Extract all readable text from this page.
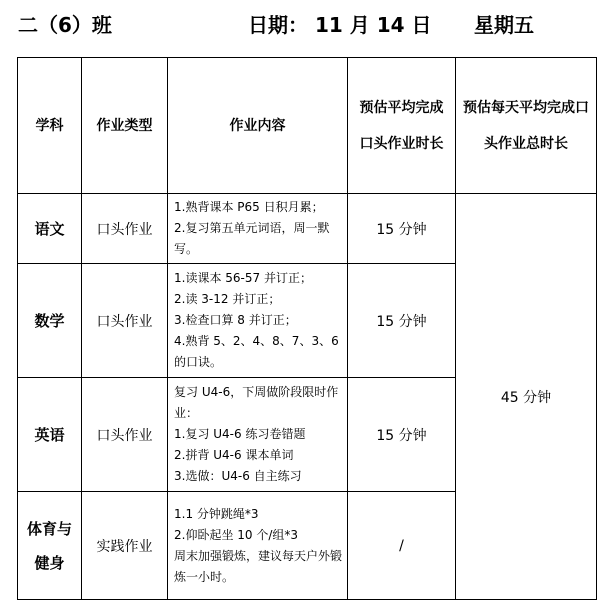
二（6）班	日期： 11 月 14 日 星期五
学科	作业类型	作业内容	预估平均完成口头作业时长	预估每天平均完成口头作业总时长
语文	口头作业	1.熟背课本 P65 日积月累；
2.复习第五单元词语，周一默写。	15 分钟	45 分钟
数学	口头作业	1.读课本 56-57 并订正；
2.读 3-12 并订正；
3.检查口算 8 并订正；
4.熟背 5、2、4、8、7、3、6 的口诀。	15 分钟	
英语	口头作业	复习 U4-6，下周做阶段限时作业：
1.复习 U4-6 练习卷错题
2.拼背 U4-6 课本单词
3.选做：U4-6 自主练习	15 分钟	
体育与健身	实践作业	1.1 分钟跳绳*3
2.仰卧起坐 10 个/组*3
周末加强锻炼，建议每天户外锻炼一小时。	/	
